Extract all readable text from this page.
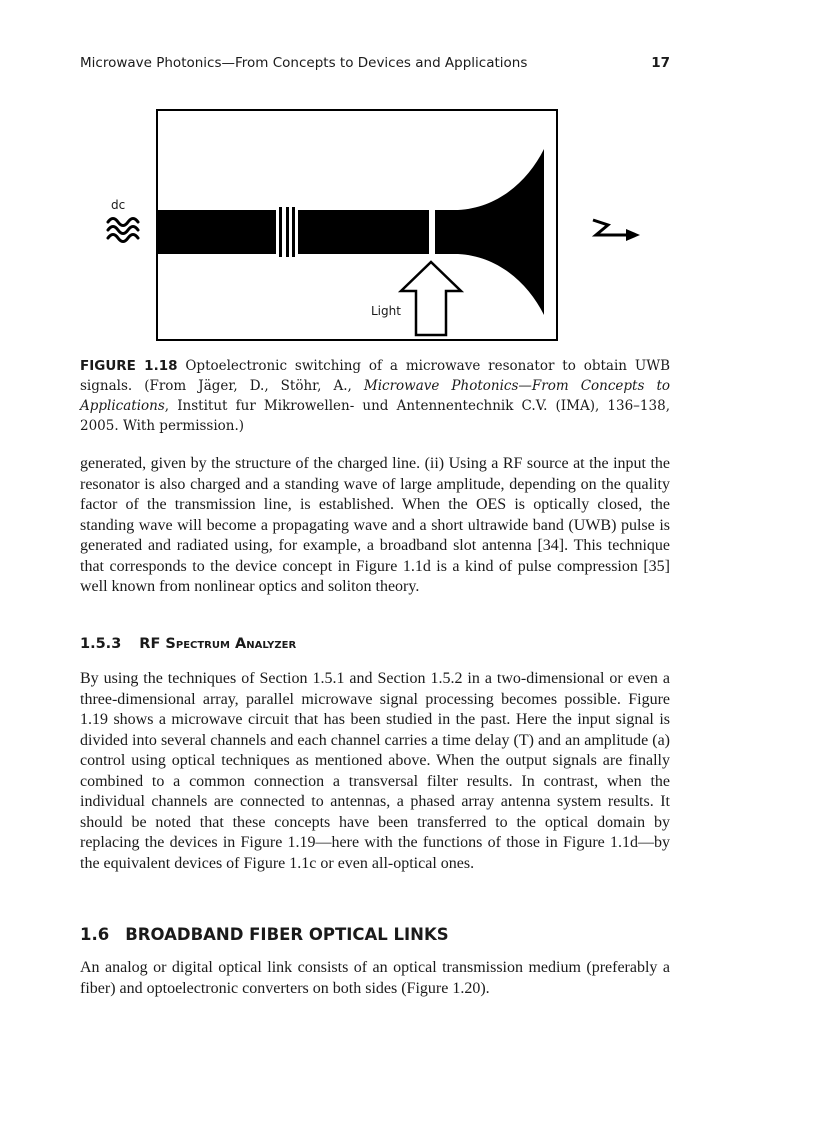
Microwave Photonics—From Concepts to Devices and Applications	17
Light
dc
FIGURE 1.18 Optoelectronic switching of a microwave resonator to obtain UWB signals. (From Jäger, D., Stöhr, A., Microwave Photonics—From Concepts to Applications, Institut fur Mikrowellen- und Antennentechnik C.V. (IMA), 136–138, 2005. With permission.)

generated, given by the structure of the charged line. (ii) Using a RF source at the input the resonator is also charged and a standing wave of large amplitude, depending on the quality factor of the transmission line, is established. When the OES is optically closed, the standing wave will become a propagating wave and a short ultrawide band (UWB) pulse is generated and radiated using, for example, a broadband slot antenna [34]. This technique that corresponds to the device concept in Figure 1.1d is a kind of pulse compression [35] well known from nonlinear optics and soliton theory.

1.5.3 RF Spectrum Analyzer

By using the techniques of Section 1.5.1 and Section 1.5.2 in a two-dimensional or even a three-dimensional array, parallel microwave signal processing becomes possible. Figure 1.19 shows a microwave circuit that has been studied in the past. Here the input signal is divided into several channels and each channel carries a time delay (T) and an amplitude (a) control using optical techniques as mentioned above. When the output signals are finally combined to a common connection a transversal filter results. In contrast, when the individual channels are connected to antennas, a phased array antenna system results. It should be noted that these concepts have been transferred to the optical domain by replacing the devices in Figure 1.19—here with the functions of those in Figure 1.1d—by the equivalent devices of Figure 1.1c or even all-optical ones.

1.6 BROADBAND FIBER OPTICAL LINKS

An analog or digital optical link consists of an optical transmission medium (preferably a fiber) and optoelectronic converters on both sides (Figure 1.20).
